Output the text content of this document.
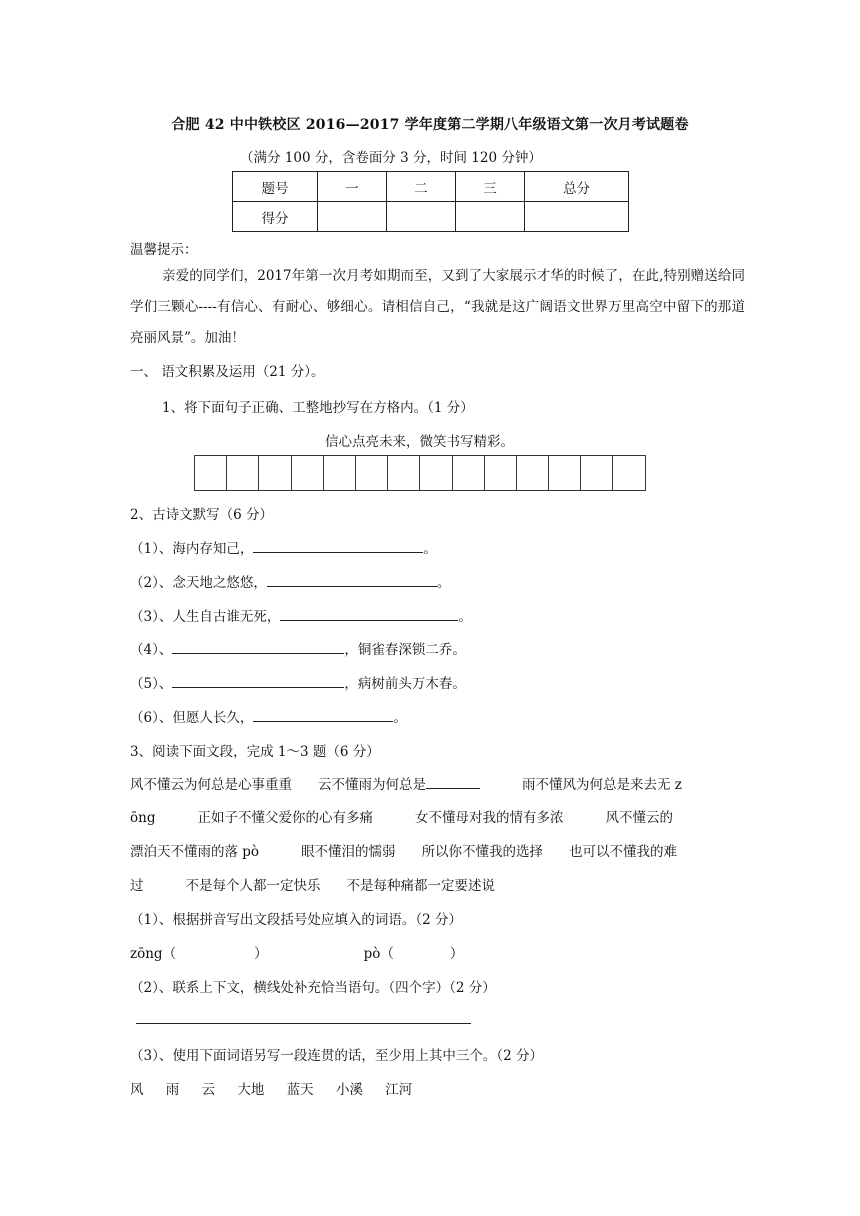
合肥 42 中中铁校区 2016—2017 学年度第二学期八年级语文第一次月考试题卷
（满分 100 分，含卷面分 3 分，时间 120 分钟）
题号	一	二	三	总分
得分				
温馨提示：
亲爱的同学们，2017年第一次月考如期而至，又到了大家展示才华的时候了，在此,特别赠送给同学们三颗心----有信心、有耐心、够细心。请相信自己，“我就是这广阔语文世界万里高空中留下的那道亮丽风景”。加油！
一、 语文积累及运用（21 分）。
1、将下面句子正确、工整地抄写在方格内。（1 分）
信心点亮未来，微笑书写精彩。
2、古诗文默写（6 分）
（1）、海内存知己，	。
（2）、念天地之悠悠，	。
（3）、人生自古谁无死，	。
（4）、	，铜雀春深锁二乔。
（5）、	，病树前头万木春。
（6）、但愿人长久，	。
3、阅读下面文段，完成 1～3 题（6 分）
风不懂云为何总是心事重重 云不懂雨为何总是	雨不懂风为何总是来去无 z
ōng	正如子不懂父爱你的心有多痛	女不懂母对我的情有多浓	风不懂云的
漂泊天不懂雨的落 pò	眼不懂泪的懦弱 所以你不懂我的选择 也可以不懂我的难
过	不是每个人都一定快乐 不是每种痛都一定要述说
（1）、根据拼音写出文段括号处应填入的词语。（2 分）
zōng（	）	pò（	）
（2）、联系上下文，横线处补充恰当语句。（四个字）（2 分）
（3）、使用下面词语另写一段连贯的话，至少用上其中三个。（2 分）
风 雨 云 大地 蓝天 小溪 江河
